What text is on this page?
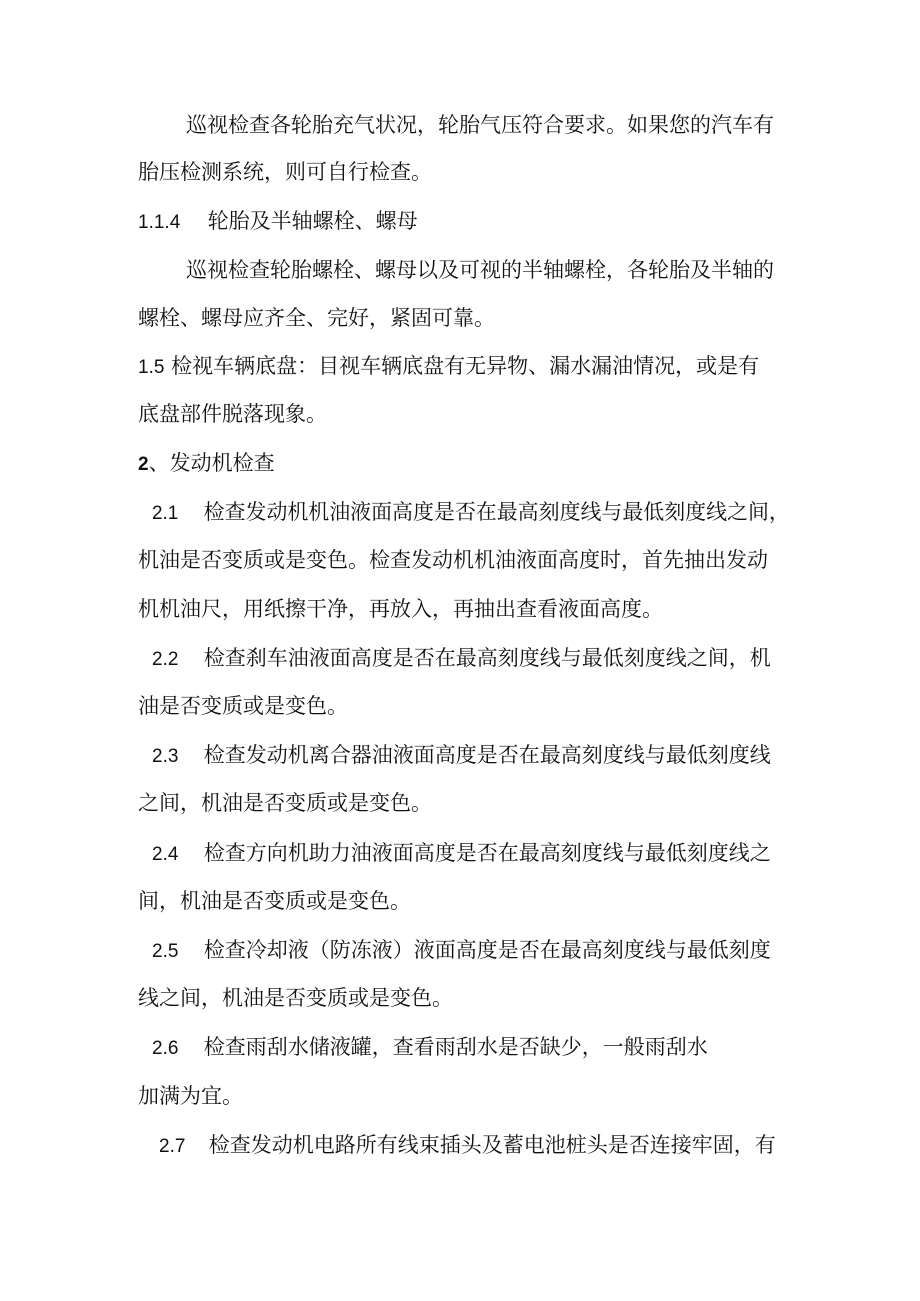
巡视检查各轮胎充气状况，轮胎气压符合要求。如果您的汽车有
胎压检测系统，则可自行检查。
1.1.4 轮胎及半轴螺栓、螺母
巡视检查轮胎螺栓、螺母以及可视的半轴螺栓，各轮胎及半轴的
螺栓、螺母应齐全、完好，紧固可靠。
1.5 检视车辆底盘：目视车辆底盘有无异物、漏水漏油情况，或是有
底盘部件脱落现象。
2、发动机检查
2.1 检查发动机机油液面高度是否在最高刻度线与最低刻度线之间，
机油是否变质或是变色。检查发动机机油液面高度时，首先抽出发动
机机油尺，用纸擦干净，再放入，再抽出查看液面高度。
2.2 检查刹车油液面高度是否在最高刻度线与最低刻度线之间，机
油是否变质或是变色。
2.3 检查发动机离合器油液面高度是否在最高刻度线与最低刻度线
之间，机油是否变质或是变色。
2.4 检查方向机助力油液面高度是否在最高刻度线与最低刻度线之
间，机油是否变质或是变色。
2.5 检查冷却液（防冻液）液面高度是否在最高刻度线与最低刻度
线之间，机油是否变质或是变色。
2.6 检查雨刮水储液罐，查看雨刮水是否缺少，一般雨刮水
加满为宜。
2.7 检查发动机电路所有线束插头及蓄电池桩头是否连接牢固，有
